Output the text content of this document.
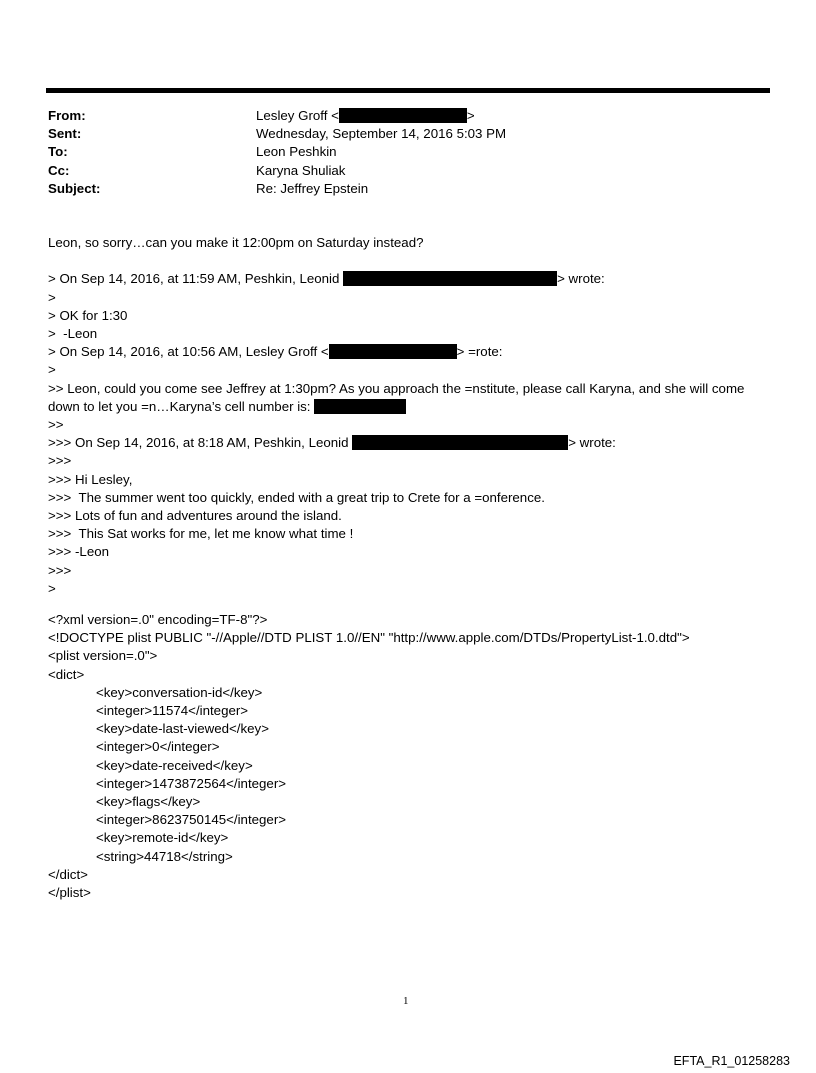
From:	Lesley Groff <	>
Sent:	Wednesday, September 14, 2016 5:03 PM
To:	Leon Peshkin
Cc:	Karyna Shuliak
Subject:	Re: Jeffrey Epstein
Leon, so sorry…can you make it 12:00pm on Saturday instead?
> On Sep 14, 2016, at 11:59 AM, Peshkin, Leonid	> wrote:
>
> OK for 1:30
>  -Leon
> On Sep 14, 2016, at 10:56 AM, Lesley Groff <	> =rote:
>
>> Leon, could you come see Jeffrey at 1:30pm? As you approach the =nstitute, please call Karyna, and she will come down to let you =n…Karyna’s cell number is:
>>
>>> On Sep 14, 2016, at 8:18 AM, Peshkin, Leonid	> wrote:
>>>
>>> Hi Lesley,
>>>  The summer went too quickly, ended with a great trip to Crete for a =onference.
>>> Lots of fun and adventures around the island.
>>>  This Sat works for me, let me know what time !
>>> -Leon
>>>
>
<?xml version=.0" encoding=TF-8"?>
<!DOCTYPE plist PUBLIC "-//Apple//DTD PLIST 1.0//EN" "http://www.apple.com/DTDs/PropertyList-1.0.dtd">
<plist version=.0">
<dict>
<key>conversation-id</key>
<integer>11574</integer>
<key>date-last-viewed</key>
<integer>0</integer>
<key>date-received</key>
<integer>1473872564</integer>
<key>flags</key>
<integer>8623750145</integer>
<key>remote-id</key>
<string>44718</string>
</dict>
</plist>
1
EFTA_R1_01258283
